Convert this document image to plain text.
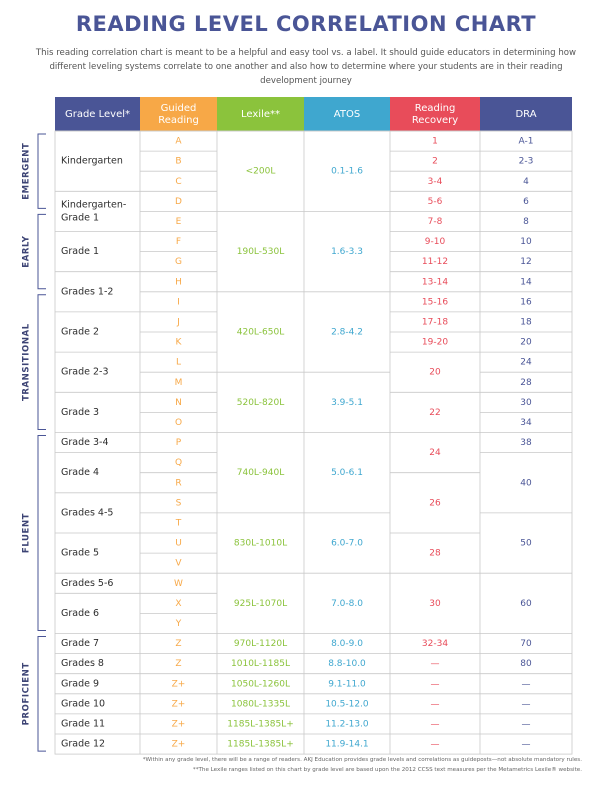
READING LEVEL CORRELATION CHART
This reading correlation chart is meant to be a helpful and easy tool vs. a label. It should guide educators in determining how different leveling systems correlate to one another and also how to determine where your students are in their reading development journey
Grade Level*
Guided
Reading
Lexile**	ATOS
Reading
Recovery
DRA
EMERGENT
EARLY
TRANSITIONAL
FLUENT
PROFICIENT
Kindergarten
Kindergarten-
Grade 1
Grade 1
Grades 1-2
Grade 2
Grade 2-3
Grade 3
Grade 3-4
Grade 4
Grades 4-5
Grade 5
Grades 5-6
Grade 6
Grade 7
Grades 8
Grade 9
Grade 10
Grade 11
Grade 12
A
B
C
D
E
F
G
H
I
J
K
L
M
N
O
P
Q
R
S
T
U
V
W
X
Y
Z
Z
Z+
Z+
Z+
Z+
<200L
190L-530L
420L-650L
520L-820L
740L-940L
830L-1010L
925L-1070L
970L-1120L
1010L-1185L
1050L-1260L
1080L-1335L
1185L-1385L+
1185L-1385L+
0.1-1.6
1.6-3.3
2.8-4.2
3.9-5.1
5.0-6.1
6.0-7.0
7.0-8.0
8.0-9.0
8.8-10.0
9.1-11.0
10.5-12.0
11.2-13.0
11.9-14.1
1
2
3-4
5-6
7-8
9-10
11-12
13-14
15-16
17-18
19-20
20
22
24
26
28
30
32-34
—
—
—
—
—
A-1
2-3
4
6
8
10
12
14
16
18
20
24
28
30
34
38
40
50
60
70
80
—
—
—
—
*Within any grade level, there will be a range of readers. AKJ Education provides grade levels and correlations as guideposts—not absolute mandatory rules.
**The Lexile ranges listed on this chart by grade level are based upon the 2012 CCSS text measures per the Metametrics Lexile® website.
